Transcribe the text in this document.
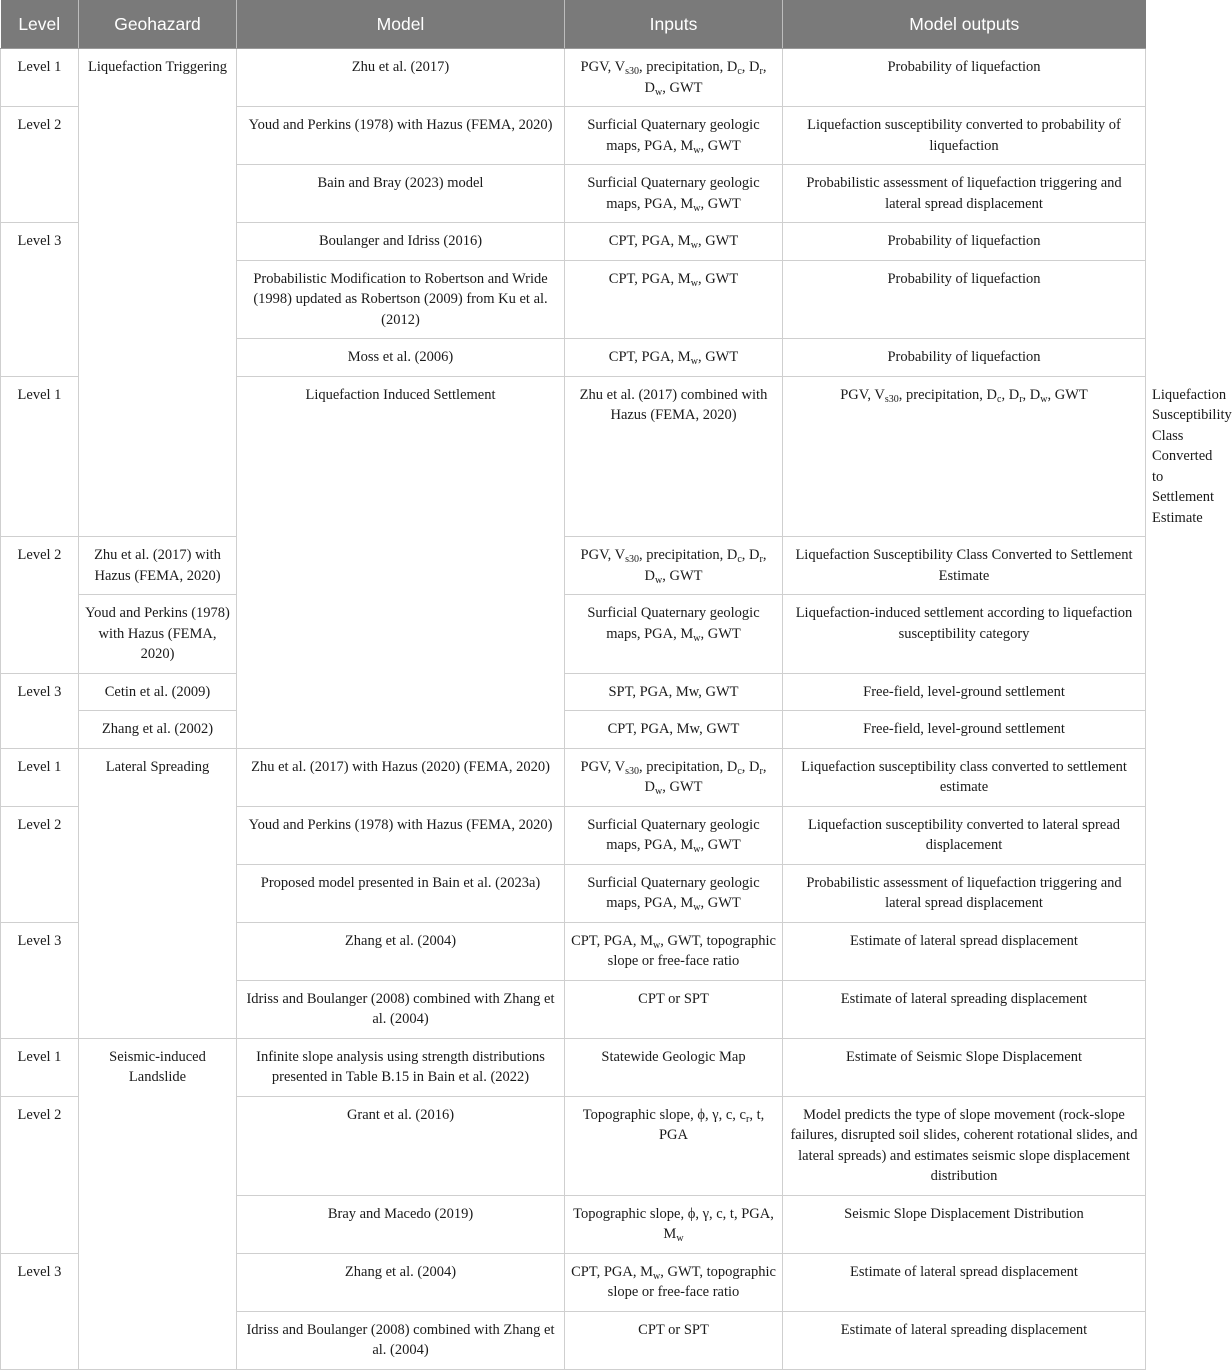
Level	Geohazard	Model	Inputs	Model outputs	
Level 1	Liquefaction Triggering	Zhu et al. (2017)	PGV, $V_{s30}$, precipitation, $D_c$, $D_r$, $D_w$, GWT	Probability of liquefaction	
Level 2		Youd and Perkins (1978) with Hazus (FEMA, 2020)	Surficial Quaternary geologic maps, PGA, $M_w$, GWT	Liquefaction susceptibility converted to probability of liquefaction	
		Bain and Bray (2023) model	Surficial Quaternary geologic maps, PGA, $M_w$, GWT	Probabilistic assessment of liquefaction triggering and lateral spread displacement	
Level 3		Boulanger and Idriss (2016)	CPT, PGA, $M_w$, GWT	Probability of liquefaction	
		Probabilistic Modification to Robertson and Wride (1998) updated as Robertson (2009) from Ku et al. (2012)	CPT, PGA, $M_w$, GWT	Probability of liquefaction	
		Moss et al. (2006)	CPT, PGA, $M_w$, GWT	Probability of liquefaction	
Level 1		Liquefaction Induced Settlement	Zhu et al. (2017) combined with Hazus (FEMA, 2020)	PGV, $V_{s30}$, precipitation, $D_c$, $D_r$, $D_w$, GWT	Liquefaction Susceptibility Class Converted to Settlement Estimate
Level 2	Zhu et al. (2017) with Hazus (FEMA, 2020)		PGV, $V_{s30}$, precipitation, $D_c$, $D_r$, $D_w$, GWT	Liquefaction Susceptibility Class Converted to Settlement Estimate	
	Youd and Perkins (1978) with Hazus (FEMA, 2020)		Surficial Quaternary geologic maps, PGA, $M_w$, GWT	Liquefaction-induced settlement according to liquefaction susceptibility category	
Level 3	Cetin et al. (2009)		SPT, PGA, Mw, GWT	Free-field, level-ground settlement	
	Zhang et al. (2002)		CPT, PGA, Mw, GWT	Free-field, level-ground settlement	
Level 1	Lateral Spreading	Zhu et al. (2017) with Hazus (2020) (FEMA, 2020)	PGV, $V_{s30}$, precipitation, $D_c$, $D_r$, $D_w$, GWT	Liquefaction susceptibility class converted to settlement estimate	
Level 2		Youd and Perkins (1978) with Hazus (FEMA, 2020)	Surficial Quaternary geologic maps, PGA, $M_w$, GWT	Liquefaction susceptibility converted to lateral spread displacement	
		Proposed model presented in Bain et al. (2023a)	Surficial Quaternary geologic maps, PGA, $M_w$, GWT	Probabilistic assessment of liquefaction triggering and lateral spread displacement	
Level 3		Zhang et al. (2004)	CPT, PGA, $M_w$, GWT, topographic slope or free-face ratio	Estimate of lateral spread displacement	
		Idriss and Boulanger (2008) combined with Zhang et al. (2004)	CPT or SPT	Estimate of lateral spreading displacement	
Level 1	Seismic-induced Landslide	Infinite slope analysis using strength distributions presented in Table B.15 in Bain et al. (2022)	Statewide Geologic Map	Estimate of Seismic Slope Displacement	
Level 2		Grant et al. (2016)	Topographic slope, ϕ, γ, c, $c_r$, t, PGA	Model predicts the type of slope movement (rock-slope failures, disrupted soil slides, coherent rotational slides, and lateral spreads) and estimates seismic slope displacement distribution	
		Bray and Macedo (2019)	Topographic slope, ϕ, γ, c, t, PGA, $M_w$	Seismic Slope Displacement Distribution	
Level 3		Zhang et al. (2004)	CPT, PGA, $M_w$, GWT, topographic slope or free-face ratio	Estimate of lateral spread displacement	
		Idriss and Boulanger (2008) combined with Zhang et al. (2004)	CPT or SPT	Estimate of lateral spreading displacement	
